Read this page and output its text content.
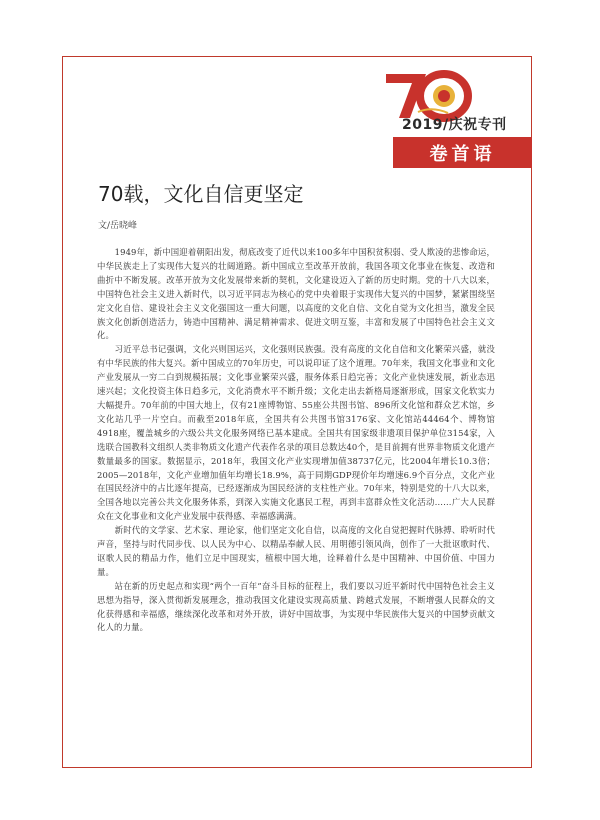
2019/庆祝专刊
卷首语
70载，文化自信更坚定
文/岳晓峰

1949年，新中国迎着朝阳出发，彻底改变了近代以来100多年中国积贫积弱、受人欺凌的悲惨命运，中华民族走上了实现伟大复兴的壮阔道路。新中国成立至改革开放前，我国各项文化事业在恢复、改造和曲折中不断发展。改革开放为文化发展带来新的契机，文化建设迈入了新的历史时期。党的十八大以来，中国特色社会主义进入新时代，以习近平同志为核心的党中央着眼于实现伟大复兴的中国梦，紧紧围绕坚定文化自信、建设社会主义文化强国这一重大问题，以高度的文化自信、文化自觉为文化担当，激发全民族文化创新创造活力，铸造中国精神、满足精神需求、促进文明互鉴，丰富和发展了中国特色社会主义文化。

习近平总书记强调，文化兴则国运兴，文化强则民族强。没有高度的文化自信和文化繁荣兴盛，就没有中华民族的伟大复兴。新中国成立的70年历史，可以说印证了这个道理。70年来，我国文化事业和文化产业发展从一穷二白到规模拓展；文化事业繁荣兴盛，服务体系日趋完善；文化产业快速发展，新业态迅速兴起；文化投资主体日趋多元，文化消费水平不断升级；文化走出去新格局逐渐形成，国家文化软实力大幅提升。70年前的中国大地上，仅有21座博物馆、55座公共图书馆、896所文化馆和群众艺术馆，乡文化站几乎一片空白。而截至2018年底，全国共有公共图书馆3176家、文化馆站44464个、博物馆4918座，覆盖城乡的六级公共文化服务网络已基本建成。全国共有国家级非遗项目保护单位3154家，入选联合国教科文组织人类非物质文化遗产代表作名录的项目总数达40个，是目前拥有世界非物质文化遗产数量最多的国家。数据显示，2018年，我国文化产业实现增加值38737亿元，比2004年增长10.3倍；2005—2018年，文化产业增加值年均增长18.9%，高于同期GDP现价年均增速6.9个百分点，文化产业在国民经济中的占比逐年提高，已经逐渐成为国民经济的支柱性产业。70年来，特别是党的十八大以来，全国各地以完善公共文化服务体系，到深入实施文化惠民工程，再到丰富群众性文化活动……广大人民群众在文化事业和文化产业发展中获得感、幸福感满满。

新时代的文学家、艺术家、理论家，他们坚定文化自信，以高度的文化自觉把握时代脉搏、聆听时代声音，坚持与时代同步伐、以人民为中心、以精品奉献人民、用明德引领风尚，创作了一大批讴歌时代、讴歌人民的精品力作，他们立足中国现实，植根中国大地，诠释着什么是中国精神、中国价值、中国力量。

站在新的历史起点和实现“两个一百年”奋斗目标的征程上，我们要以习近平新时代中国特色社会主义思想为指导，深入贯彻新发展理念，推动我国文化建设实现高质量、跨越式发展，不断增强人民群众的文化获得感和幸福感，继续深化改革和对外开放，讲好中国故事，为实现中华民族伟大复兴的中国梦贡献文化人的力量。
